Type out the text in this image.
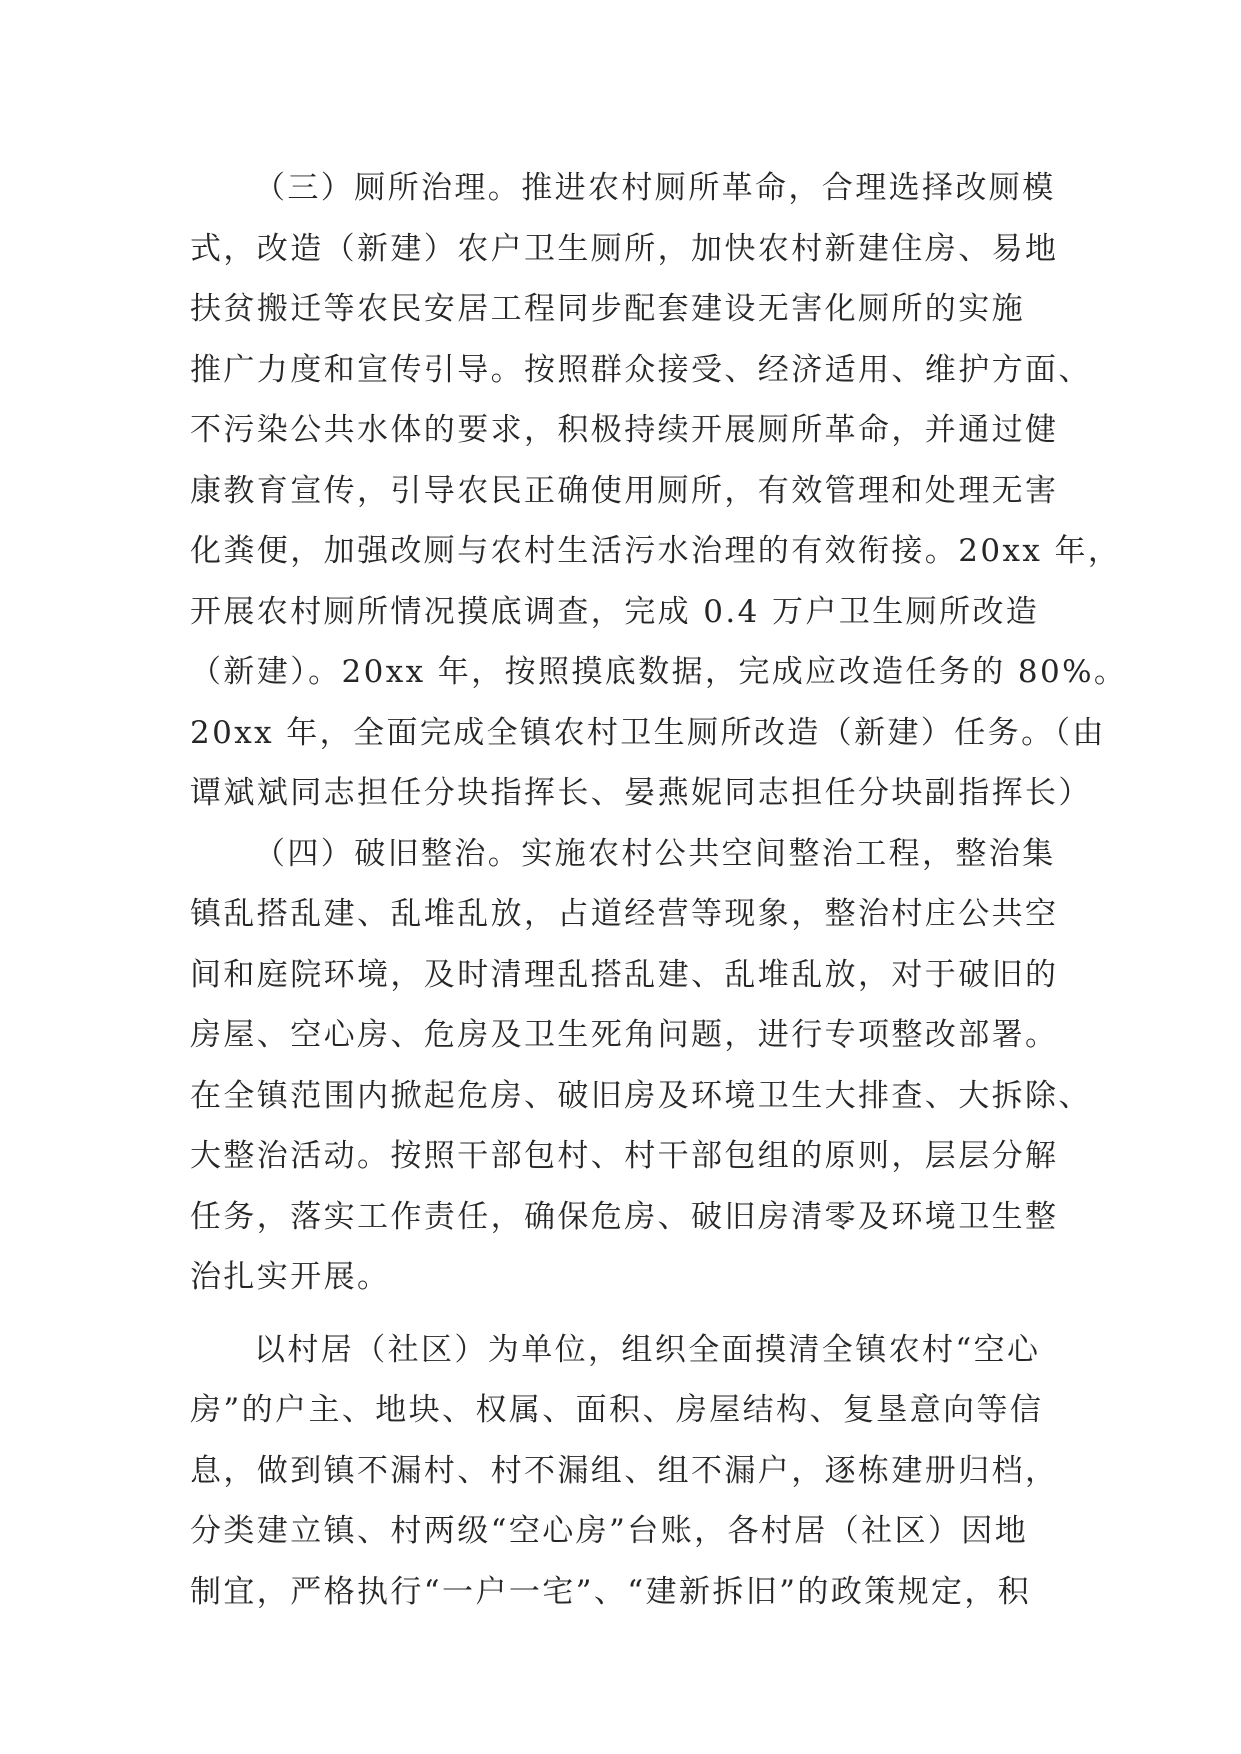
（三）厕所治理。推进农村厕所革命，合理选择改厕模
式，改造（新建）农户卫生厕所，加快农村新建住房、易地
扶贫搬迁等农民安居工程同步配套建设无害化厕所的实施
推广力度和宣传引导。按照群众接受、经济适用、维护方面、
不污染公共水体的要求，积极持续开展厕所革命，并通过健
康教育宣传，引导农民正确使用厕所，有效管理和处理无害
化粪便，加强改厕与农村生活污水治理的有效衔接。20xx 年，
开展农村厕所情况摸底调查，完成 0.4 万户卫生厕所改造
（新建）。20xx 年，按照摸底数据，完成应改造任务的 80%。
20xx 年，全面完成全镇农村卫生厕所改造（新建）任务。（由
谭斌斌同志担任分块指挥长、晏燕妮同志担任分块副指挥长）
（四）破旧整治。实施农村公共空间整治工程，整治集
镇乱搭乱建、乱堆乱放，占道经营等现象，整治村庄公共空
间和庭院环境，及时清理乱搭乱建、乱堆乱放，对于破旧的
房屋、空心房、危房及卫生死角问题，进行专项整改部署。
在全镇范围内掀起危房、破旧房及环境卫生大排查、大拆除、
大整治活动。按照干部包村、村干部包组的原则，层层分解
任务，落实工作责任，确保危房、破旧房清零及环境卫生整
治扎实开展。
以村居（社区）为单位，组织全面摸清全镇农村“空心
房”的户主、地块、权属、面积、房屋结构、复垦意向等信
息，做到镇不漏村、村不漏组、组不漏户，逐栋建册归档，
分类建立镇、村两级“空心房”台账，各村居（社区）因地
制宜，严格执行“一户一宅”、“建新拆旧”的政策规定，积
